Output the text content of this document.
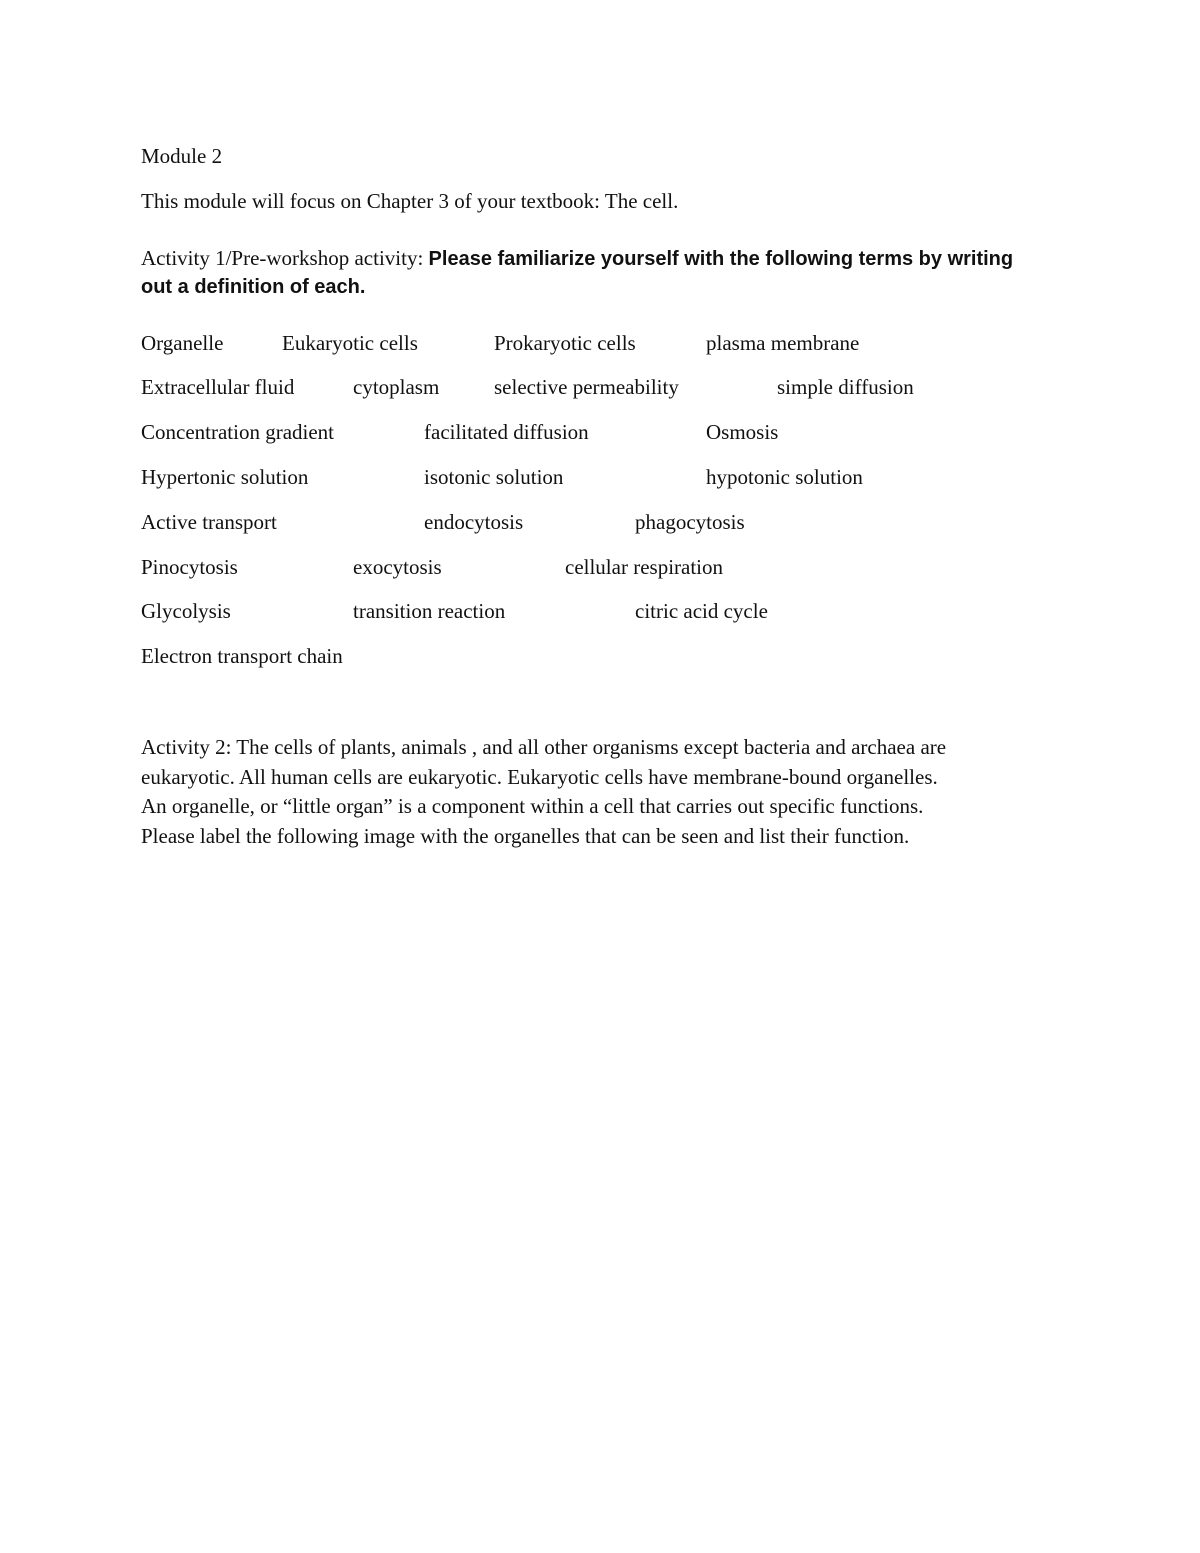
Module 2
This module will focus on Chapter 3 of your textbook: The cell.
Activity 1/Pre-workshop activity: Please familiarize yourself with the following terms by writing
out a definition of each.
Organelle	Eukaryotic cells	Prokaryotic cells	plasma membrane
Extracellular fluid	cytoplasm	selective permeability	simple diffusion
Concentration gradient	facilitated diffusion	Osmosis
Hypertonic solution	isotonic solution	hypotonic solution
Active transport	endocytosis	phagocytosis
Pinocytosis	exocytosis	cellular respiration
Glycolysis	transition reaction	citric acid cycle
Electron transport chain
Activity 2: The cells of plants, animals , and all other organisms except bacteria and archaea are
eukaryotic. All human cells are eukaryotic. Eukaryotic cells have membrane-bound organelles.
An organelle, or “little organ” is a component within a cell that carries out specific functions.
Please label the following image with the organelles that can be seen and list their function.
